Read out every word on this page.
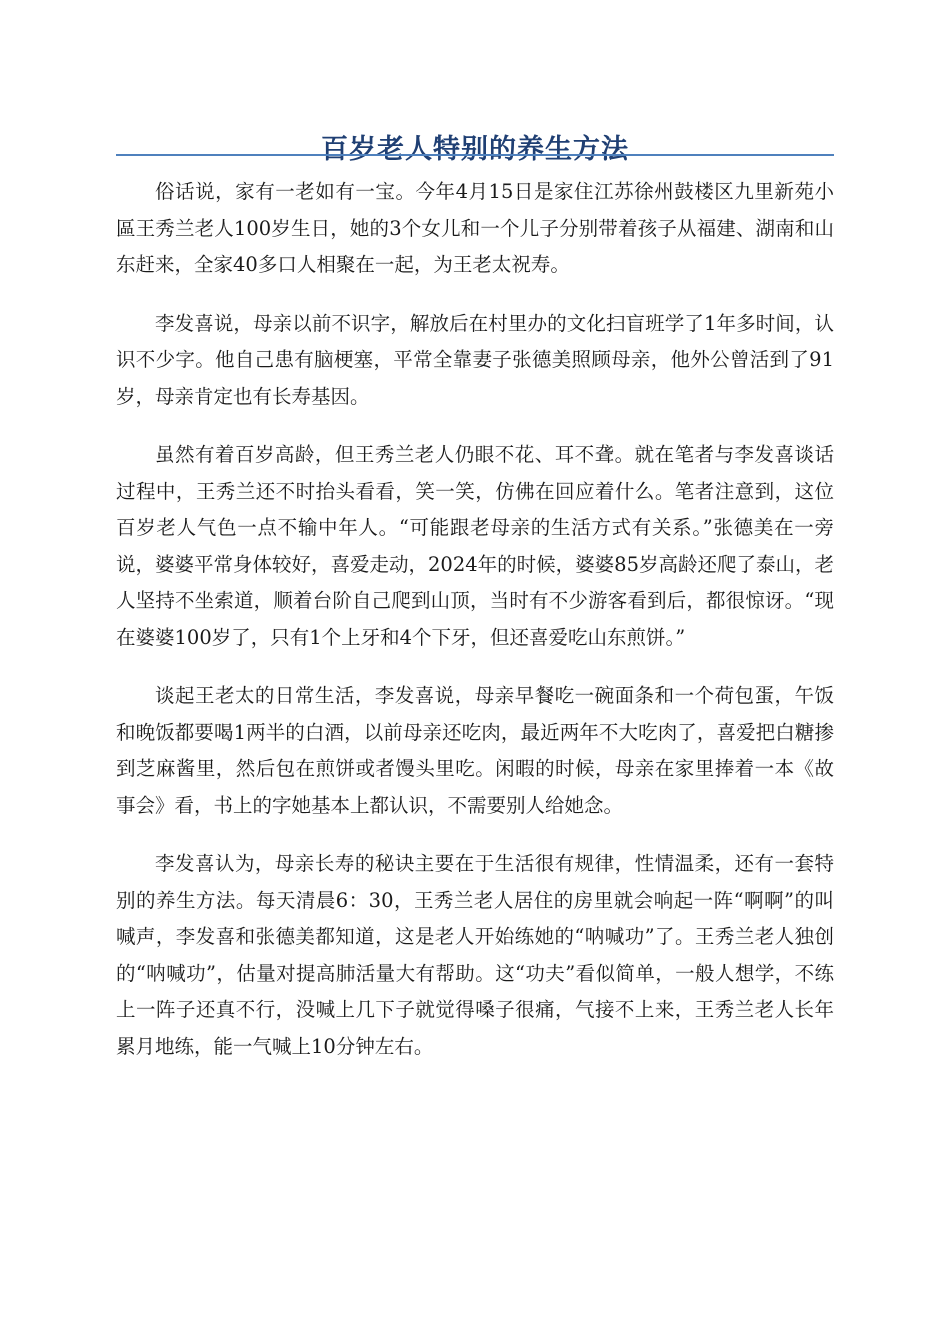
百岁老人特别的养生方法

俗话说，家有一老如有一宝。今年4月15日是家住江苏徐州鼓楼区九里新苑小區王秀兰老人100岁生日，她的3个女儿和一个儿子分别带着孩子从福建、湖南和山东赶来，全家40多口人相聚在一起，为王老太祝寿。

李发喜说，母亲以前不识字，解放后在村里办的文化扫盲班学了1年多时间，认识不少字。他自己患有脑梗塞，平常全靠妻子张德美照顾母亲，他外公曾活到了91岁，母亲肯定也有长寿基因。

虽然有着百岁高龄，但王秀兰老人仍眼不花、耳不聋。就在笔者与李发喜谈话过程中，王秀兰还不时抬头看看，笑一笑，仿佛在回应着什么。笔者注意到，这位百岁老人气色一点不输中年人。“可能跟老母亲的生活方式有关系。”张德美在一旁说，婆婆平常身体较好，喜爱走动，2024年的时候，婆婆85岁高龄还爬了泰山，老人坚持不坐索道，顺着台阶自己爬到山顶，当时有不少游客看到后，都很惊讶。“现在婆婆100岁了，只有1个上牙和4个下牙，但还喜爱吃山东煎饼。”

谈起王老太的日常生活，李发喜说，母亲早餐吃一碗面条和一个荷包蛋，午饭和晚饭都要喝1两半的白酒，以前母亲还吃肉，最近两年不大吃肉了，喜爱把白糖掺到芝麻酱里，然后包在煎饼或者馒头里吃。闲暇的时候，母亲在家里捧着一本《故事会》看，书上的字她基本上都认识，不需要别人给她念。

李发喜认为，母亲长寿的秘诀主要在于生活很有规律，性情温柔，还有一套特别的养生方法。每天清晨6：30，王秀兰老人居住的房里就会响起一阵“啊啊”的叫喊声，李发喜和张德美都知道，这是老人开始练她的“呐喊功”了。王秀兰老人独创的“呐喊功”，估量对提高肺活量大有帮助。这“功夫”看似简单，一般人想学，不练上一阵子还真不行，没喊上几下子就觉得嗓子很痛，气接不上来，王秀兰老人长年累月地练，能一气喊上10分钟左右。
